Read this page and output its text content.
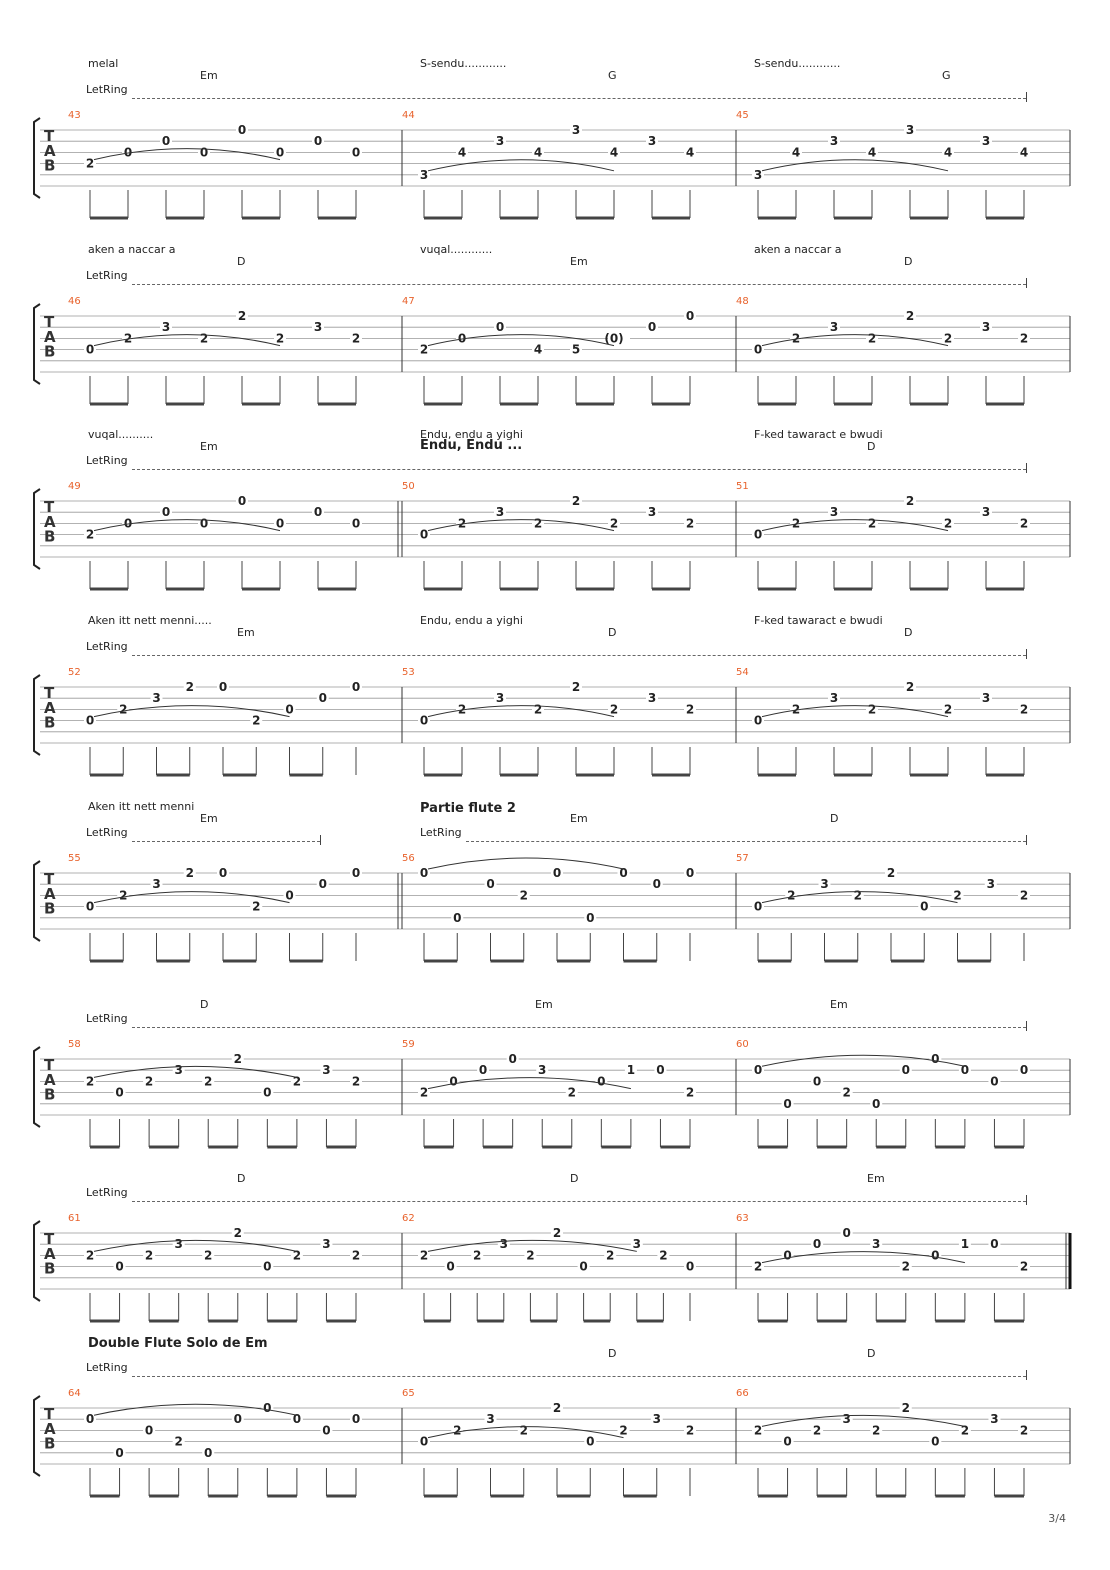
melal	S-sendu............	S-sendu............
Em	G	G
LetRing
T
A
B
43
2
0
0
0
0
0
0
0
44
3
4
3
4
3
4
3
4
45
3
4
3
4
3
4
3
4
aken a naccar a	vuqal............	aken a naccar a
D	Em	D
LetRing
T
A
B
46
0
2
3
2
2
2
3
2
47
2
0
0
4 5
(0)
0
0
48
0
2
3
2
2
2
3
2
vuqal..........	Endu, endu a yighi
Endu, Endu ...
F-ked tawaract e bwudi
Em	D
LetRing
T
A
B
49
2
0
0
0
0
0
0
0
50
0
2
3
2
2
2
3
2
51
0
2
3
2
2
2
3
2
Aken itt nett menni.....	Endu, endu a yighi	F-ked tawaract e bwudi
Em	D	D
LetRing
T
A
B
52
0
2
3
2 0
2
0
0
0
53
0
2
3
2
2
2
3
2
54
0
2
3
2
2
2
3
2
Aken itt nett menni	Partie flute 2
Em	Em	D
LetRing	LetRing
T
A
B
55
0
2
3
2 0
2
0
0
0
56
0
0
0
2
0
0
0
0
0
57
0
2
3
2
2
0
2
3
2
D	Em	Em
LetRing
T
A
B
58
2
0
2
3
2
2
0
2
3
2
59
2
0
0
0
3
2
0
1 0
2
60
0
0
0
2
0
0
0
0
0
0
D	D	Em
LetRing
T
A
B
61
2
0
2
3
2
2
0
2
3
2
62
2
0
2
3
2
2
0
2
3
2
0
63
2
0
0
0
3
2
0
1 0
2
Double Flute Solo de Em
D	D
LetRing
T
A
B
64
0
0
0
2
0
0
0
0
0
0
65
0
2
3
2
2
0
2
3
2
66
2
0
2
3
2
2
0
2
3
2
3/4
